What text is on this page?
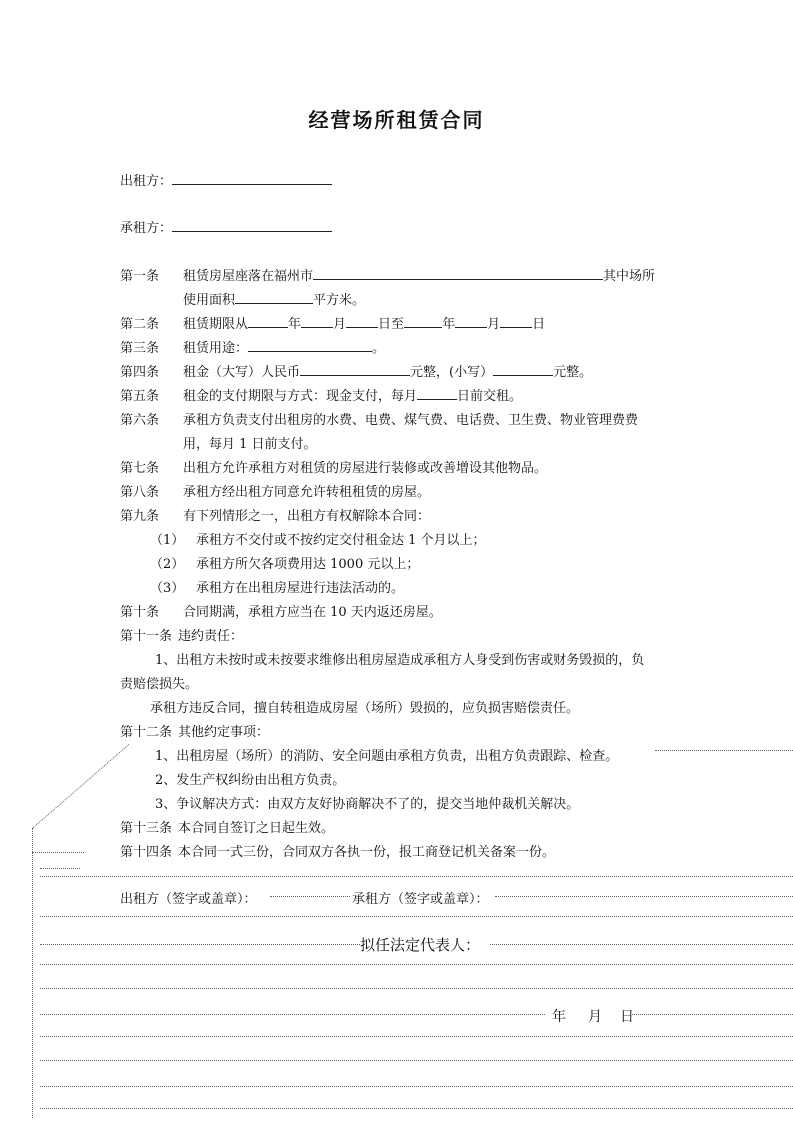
经营场所租赁合同
出租方：
承租方：
第一条 租赁房屋座落在福州市	其中场所
使用面积	平方米。
第二条 租赁期限从	年 月 日至	年 月 日
第三条 租赁用途：	。
第四条 租金（大写）人民币	元整，(小写）	元整。
第五条 租金的支付期限与方式：现金支付，每月	日前交租。
第六条 承租方负责支付出租房的水费、电费、煤气费、电话费、卫生费、物业管理费费
用，每月 1 日前支付。
第七条 出租方允许承租方对租赁的房屋进行装修或改善增设其他物品。
第八条 承租方经出租方同意允许转租租赁的房屋。
第九条 有下列情形之一，出租方有权解除本合同：
（1） 承租方不交付或不按约定交付租金达 1 个月以上；
（2） 承租方所欠各项费用达 1000 元以上；
（3） 承租方在出租房屋进行违法活动的。
第十条 合同期满，承租方应当在 10 天内返还房屋。
第十一条 违约责任：
1、出租方未按时或未按要求维修出租房屋造成承租方人身受到伤害或财务毁损的，负
责赔偿损失。
承租方违反合同，擅自转租造成房屋（场所）毁损的，应负损害赔偿责任。
第十二条 其他约定事项：
1、出租房屋（场所）的消防、安全问题由承租方负责，出租方负责跟踪、检查。
2、发生产权纠纷由出租方负责。
3、争议解决方式：由双方友好协商解决不了的，提交当地仲裁机关解决。
第十三条 本合同自签订之日起生效。
第十四条 本合同一式三份，合同双方各执一份，报工商登记机关备案一份。
出租方（签字或盖章）：	承租方（签字或盖章）：
拟任法定代表人：
年 月 日
